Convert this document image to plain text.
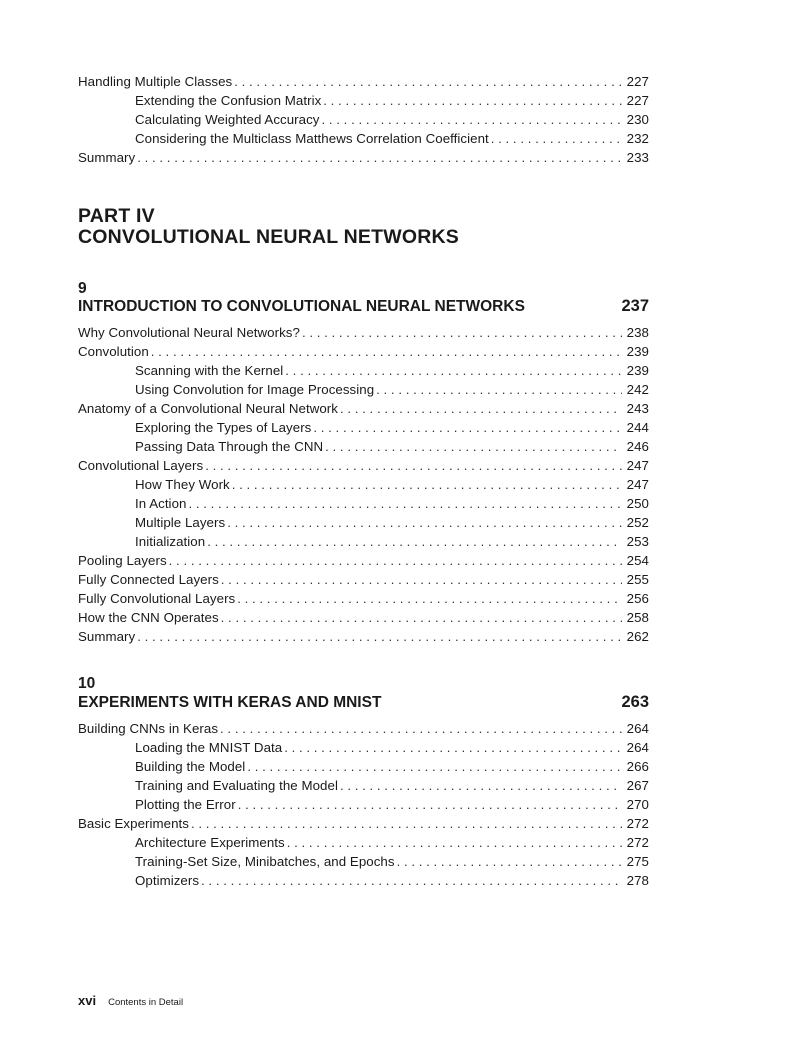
Handling Multiple Classes . . .	227
Extending the Confusion Matrix . . .	227
Calculating Weighted Accuracy . . .	230
Considering the Multiclass Matthews Correlation Coefficient . . .	232
Summary . . .	233
PART IV
CONVOLUTIONAL NEURAL NETWORKS
9
INTRODUCTION TO CONVOLUTIONAL NEURAL NETWORKS	237
Why Convolutional Neural Networks? . . .	238
Convolution . . .	239
Scanning with the Kernel . . .	239
Using Convolution for Image Processing . . .	242
Anatomy of a Convolutional Neural Network . . .	243
Exploring the Types of Layers . . .	244
Passing Data Through the CNN . . .	246
Convolutional Layers . . .	247
How They Work . . .	247
In Action . . .	250
Multiple Layers . . .	252
Initialization . . .	253
Pooling Layers . . .	254
Fully Connected Layers . . .	255
Fully Convolutional Layers . . .	256
How the CNN Operates . . .	258
Summary . . .	262
10
EXPERIMENTS WITH KERAS AND MNIST	263
Building CNNs in Keras . . .	264
Loading the MNIST Data . . .	264
Building the Model . . .	266
Training and Evaluating the Model . . .	267
Plotting the Error . . .	270
Basic Experiments . . .	272
Architecture Experiments . . .	272
Training-Set Size, Minibatches, and Epochs . . .	275
Optimizers . . .	278
xvi Contents in Detail
